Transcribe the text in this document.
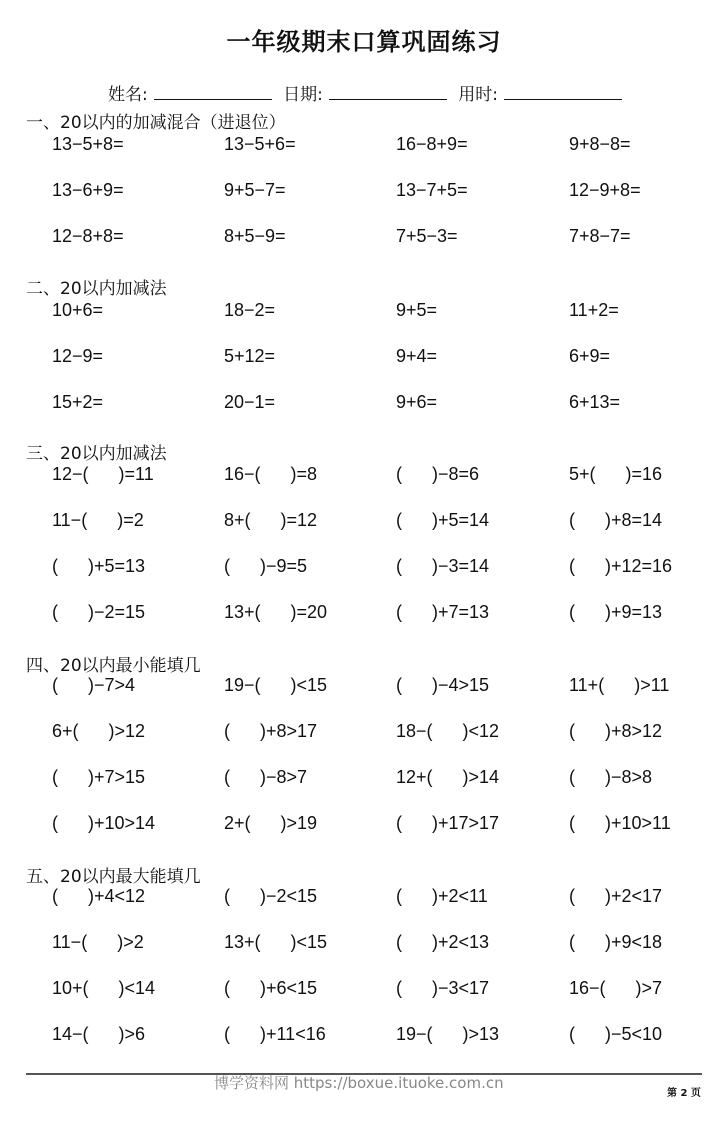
一年级期末口算巩固练习
姓名:	日期:	用时:
一、20以内的加减混合（进退位）
13−5+8=	13−5+6=	16−8+9=	9+8−8=
13−6+9=	9+5−7=	13−7+5=	12−9+8=
12−8+8=	8+5−9=	7+5−3=	7+8−7=
二、20以内加减法
10+6=	18−2=	9+5=	11+2=
12−9=	5+12=	9+4=	6+9=
15+2=	20−1=	9+6=	6+13=
三、20以内加减法
12−(      )=11	16−(      )=8	(      )−8=6	5+(      )=16
11−(      )=2	8+(      )=12	(      )+5=14	(      )+8=14
(      )+5=13	(      )−9=5	(      )−3=14	(      )+12=16
(      )−2=15	13+(      )=20	(      )+7=13	(      )+9=13
四、20以内最小能填几
(      )−7>4	19−(      )<15	(      )−4>15	11+(      )>11
6+(      )>12	(      )+8>17	18−(      )<12	(      )+8>12
(      )+7>15	(      )−8>7	12+(      )>14	(      )−8>8
(      )+10>14	2+(      )>19	(      )+17>17	(      )+10>11
五、20以内最大能填几
(      )+4<12	(      )−2<15	(      )+2<11	(      )+2<17
11−(      )>2	13+(      )<15	(      )+2<13	(      )+9<18
10+(      )<14	(      )+6<15	(      )−3<17	16−(      )>7
14−(      )>6	(      )+11<16	19−(      )>13	(      )−5<10
博学资料网 https://boxue.ituoke.com.cn
第 2 页
